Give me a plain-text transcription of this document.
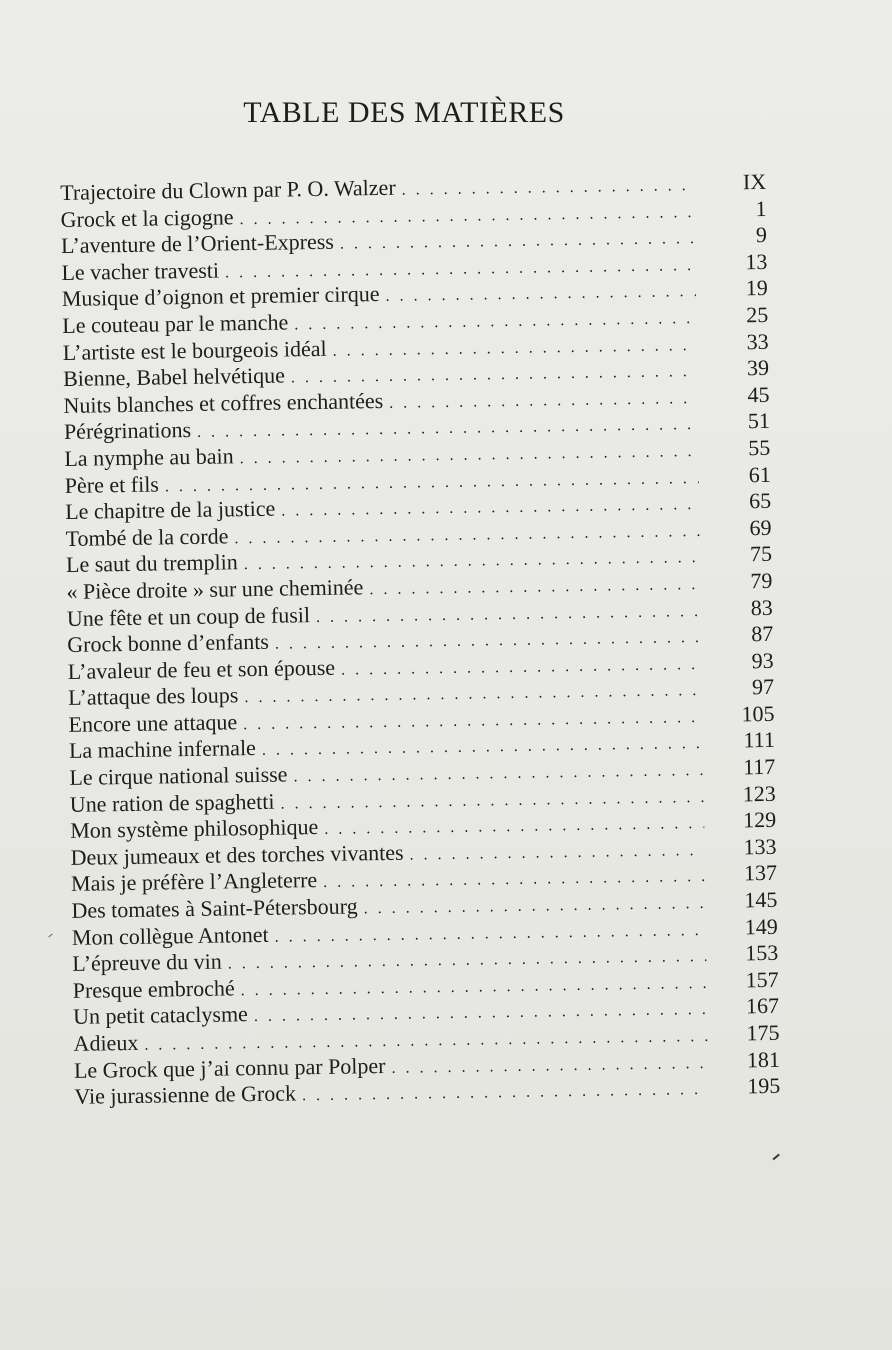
TABLE DES MATIÈRES
Trajectoire du Clown par P. O. Walzer . . .	IX
Grock et la cigogne . . .	1
L’aventure de l’Orient-Express . . .	9
Le vacher travesti . . .	13
Musique d’oignon et premier cirque . . .	19
Le couteau par le manche . . .	25
L’artiste est le bourgeois idéal . . .	33
Bienne, Babel helvétique . . .	39
Nuits blanches et coffres enchantées . . .	45
Pérégrinations . . .	51
La nymphe au bain . . .	55
Père et fils . . .	61
Le chapitre de la justice . . .	65
Tombé de la corde . . .	69
Le saut du tremplin . . .	75
« Pièce droite » sur une cheminée . . .	79
Une fête et un coup de fusil . . .	83
Grock bonne d’enfants . . .	87
L’avaleur de feu et son épouse . . .	93
L’attaque des loups . . .	97
Encore une attaque . . .	105
La machine infernale . . .	111
Le cirque national suisse . . .	117
Une ration de spaghetti . . .	123
Mon système philosophique . . .	129
Deux jumeaux et des torches vivantes . . .	133
Mais je préfère l’Angleterre . . .	137
Des tomates à Saint-Pétersbourg . . .	145
Mon collègue Antonet . . .	149
L’épreuve du vin . . .	153
Presque embroché . . .	157
Un petit cataclysme . . .	167
Adieux . . .	175
Le Grock que j’ai connu par Polper . . .	181
Vie jurassienne de Grock . . .	195
